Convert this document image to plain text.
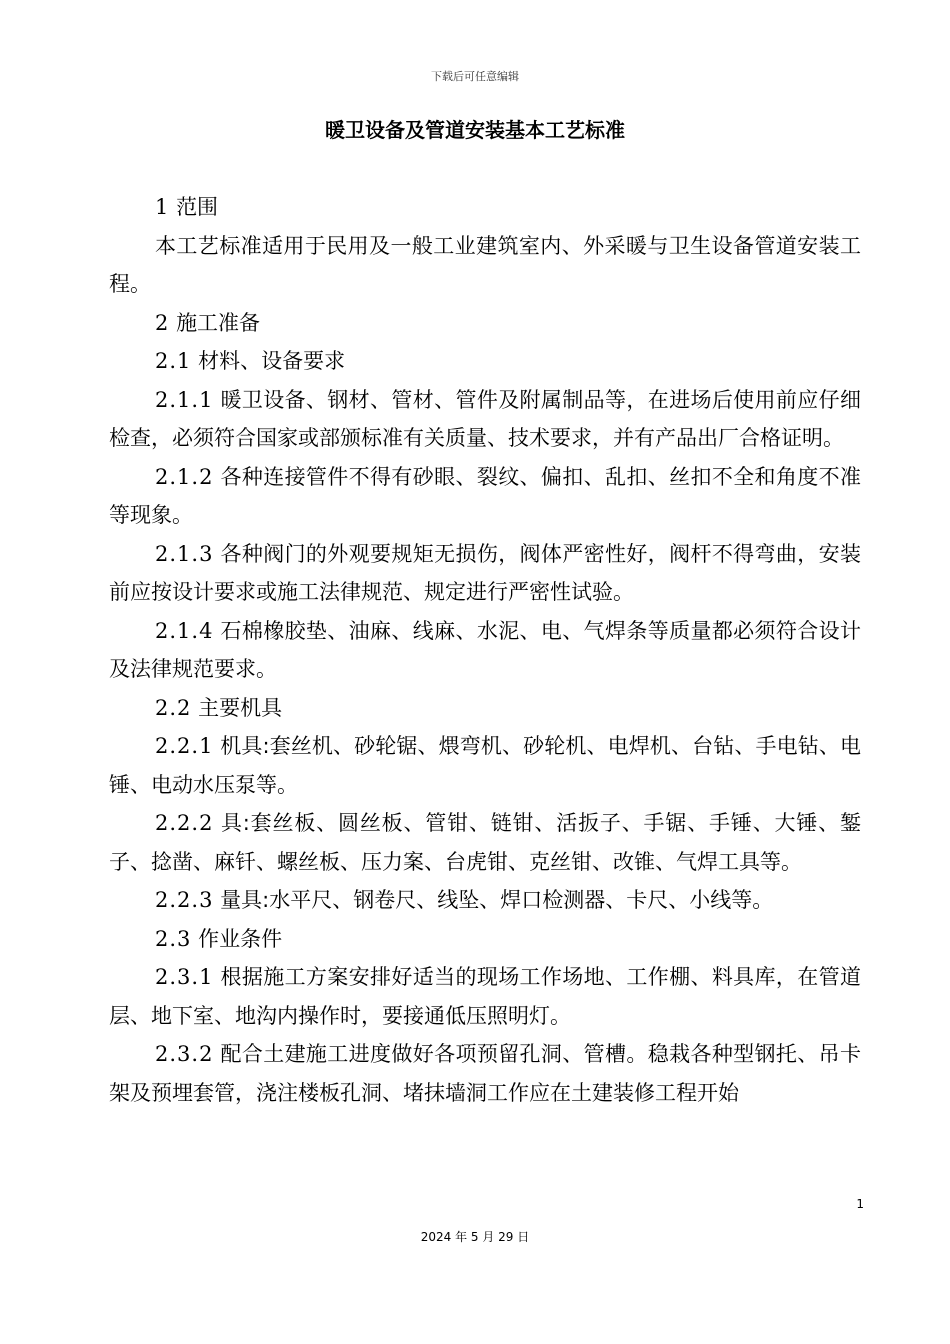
下载后可任意编辑
暖卫设备及管道安装基本工艺标准

1 范围

本工艺标准适用于民用及一般工业建筑室内、外采暖与卫生设备管道安装工程。

2 施工准备

2.1 材料、设备要求

2.1.1 暖卫设备、钢材、管材、管件及附属制品等，在进场后使用前应仔细检查，必须符合国家或部颁标准有关质量、技术要求，并有产品出厂合格证明。

2.1.2 各种连接管件不得有砂眼、裂纹、偏扣、乱扣、丝扣不全和角度不准等现象。

2.1.3 各种阀门的外观要规矩无损伤，阀体严密性好，阀杆不得弯曲，安装前应按设计要求或施工法律规范、规定进行严密性试验。

2.1.4 石棉橡胶垫、油麻、线麻、水泥、电、气焊条等质量都必须符合设计及法律规范要求。

2.2 主要机具

2.2.1 机具:套丝机、砂轮锯、煨弯机、砂轮机、电焊机、台钻、手电钻、电锤、电动水压泵等。

2.2.2 具:套丝板、圆丝板、管钳、链钳、活扳子、手锯、手锤、大锤、錾子、捻凿、麻钎、螺丝板、压力案、台虎钳、克丝钳、改锥、气焊工具等。

2.2.3 量具:水平尺、钢卷尺、线坠、焊口检测器、卡尺、小线等。

2.3 作业条件

2.3.1 根据施工方案安排好适当的现场工作场地、工作棚、料具库，在管道层、地下室、地沟内操作时，要接通低压照明灯。

2.3.2 配合土建施工进度做好各项预留孔洞、管槽。稳栽各种型钢托、吊卡架及预埋套管，浇注楼板孔洞、堵抹墙洞工作应在土建装修工程开始

1
2024 年 5 月 29 日
